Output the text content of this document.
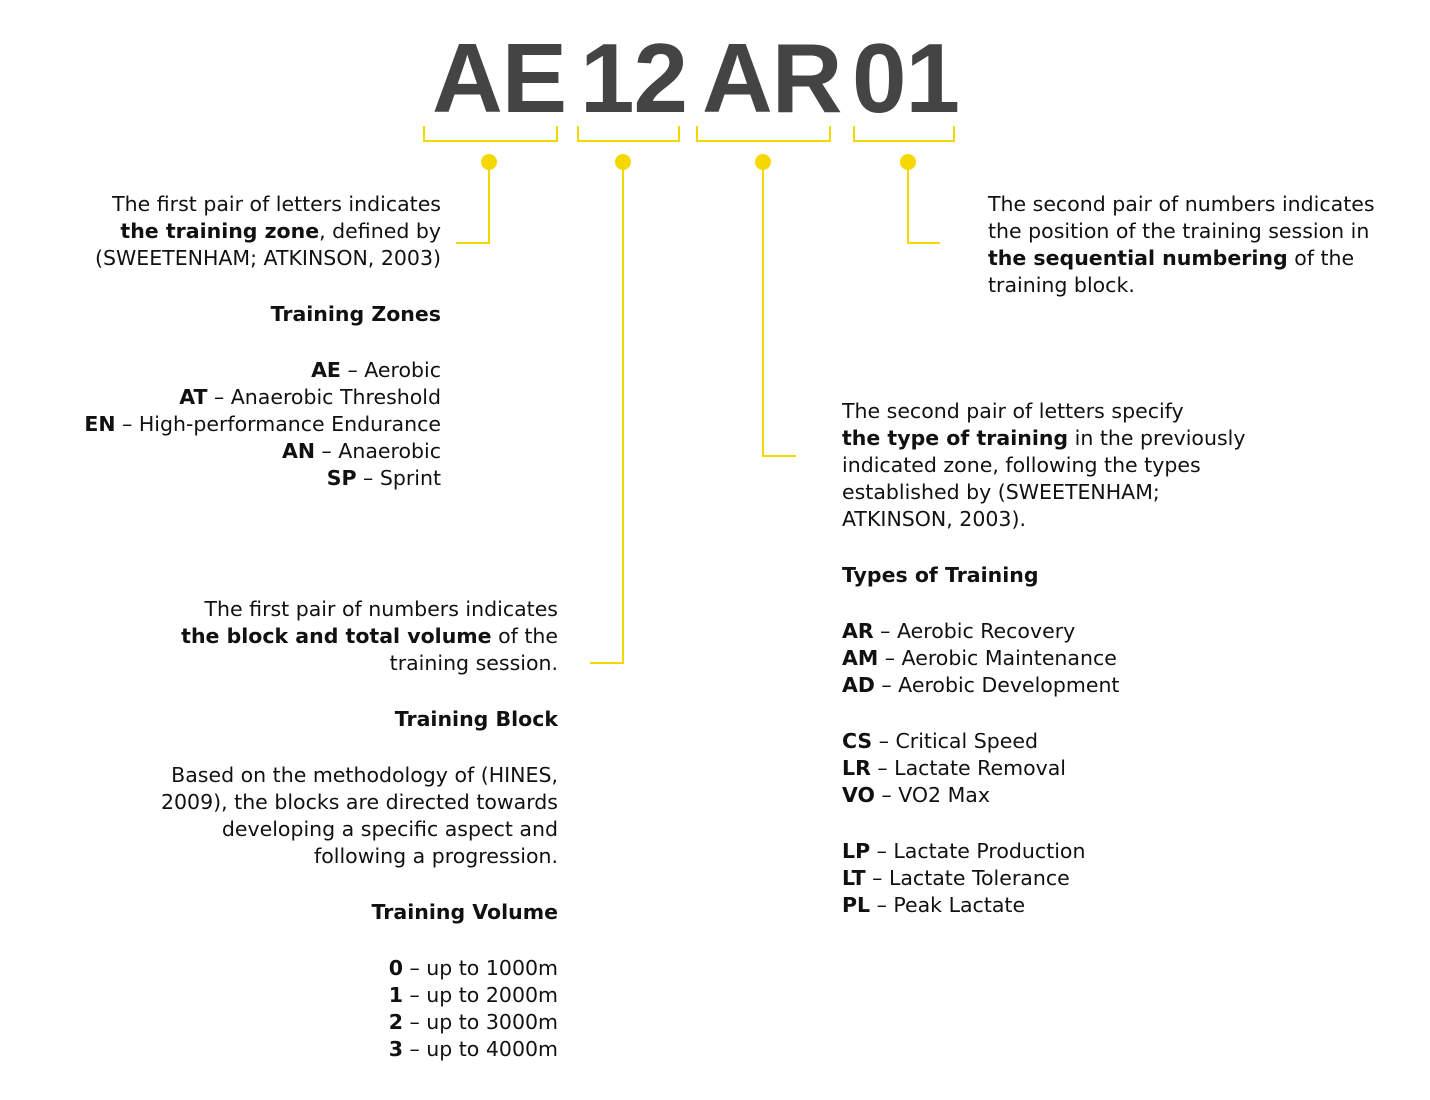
AE 12 AR 01

The first pair of letters indicates

the training zone, defined by

(SWEETENHAM; ATKINSON, 2003)

Training Zones

AE – Aerobic

AT – Anaerobic Threshold

EN – High-performance Endurance

AN – Anaerobic

SP – Sprint

The first pair of numbers indicates

the block and total volume of the

training session.

Training Block

Based on the methodology of (HINES,

2009), the blocks are directed towards

developing a specific aspect and

following a progression.

Training Volume

0 – up to 1000m

1 – up to 2000m

2 – up to 3000m

3 – up to 4000m

The second pair of letters specify

the type of training in the previously

indicated zone, following the types

established by (SWEETENHAM;

ATKINSON, 2003).

Types of Training

AR – Aerobic Recovery

AM – Aerobic Maintenance

AD – Aerobic Development

CS – Critical Speed

LR – Lactate Removal

VO – VO2 Max

LP – Lactate Production

LT – Lactate Tolerance

PL – Peak Lactate

The second pair of numbers indicates

the position of the training session in

the sequential numbering of the

training block.
